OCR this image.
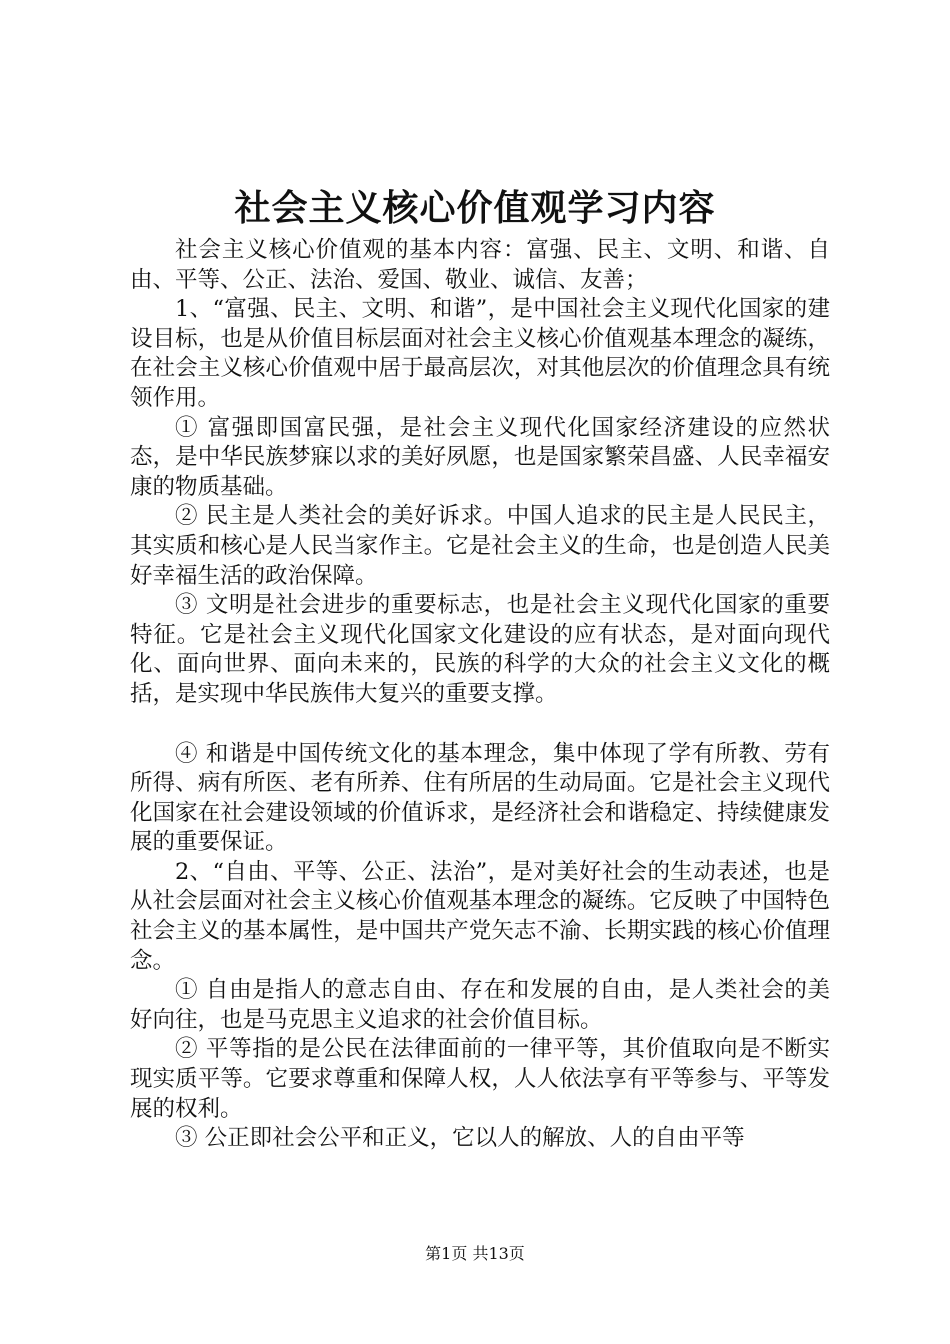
社会主义核心价值观学习内容

社会主义核心价值观的基本内容：富强、民主、文明、和谐、自由、平等、公正、法治、爱国、敬业、诚信、友善；

1、“富强、民主、文明、和谐”，是中国社会主义现代化国家的建设目标，也是从价值目标层面对社会主义核心价值观基本理念的凝练，在社会主义核心价值观中居于最高层次，对其他层次的价值理念具有统领作用。

① 富强即国富民强，是社会主义现代化国家经济建设的应然状态，是中华民族梦寐以求的美好夙愿，也是国家繁荣昌盛、人民幸福安康的物质基础。

② 民主是人类社会的美好诉求。中国人追求的民主是人民民主，其实质和核心是人民当家作主。它是社会主义的生命，也是创造人民美好幸福生活的政治保障。

③ 文明是社会进步的重要标志，也是社会主义现代化国家的重要特征。它是社会主义现代化国家文化建设的应有状态，是对面向现代化、面向世界、面向未来的，民族的科学的大众的社会主义文化的概括，是实现中华民族伟大复兴的重要支撑。

④ 和谐是中国传统文化的基本理念，集中体现了学有所教、劳有所得、病有所医、老有所养、住有所居的生动局面。它是社会主义现代化国家在社会建设领域的价值诉求，是经济社会和谐稳定、持续健康发展的重要保证。

2、“自由、平等、公正、法治”，是对美好社会的生动表述，也是从社会层面对社会主义核心价值观基本理念的凝练。它反映了中国特色社会主义的基本属性，是中国共产党矢志不渝、长期实践的核心价值理念。

① 自由是指人的意志自由、存在和发展的自由，是人类社会的美好向往，也是马克思主义追求的社会价值目标。

② 平等指的是公民在法律面前的一律平等，其价值取向是不断实现实质平等。它要求尊重和保障人权，人人依法享有平等参与、平等发展的权利。

③ 公正即社会公平和正义，它以人的解放、人的自由平等

第1页 共13页
